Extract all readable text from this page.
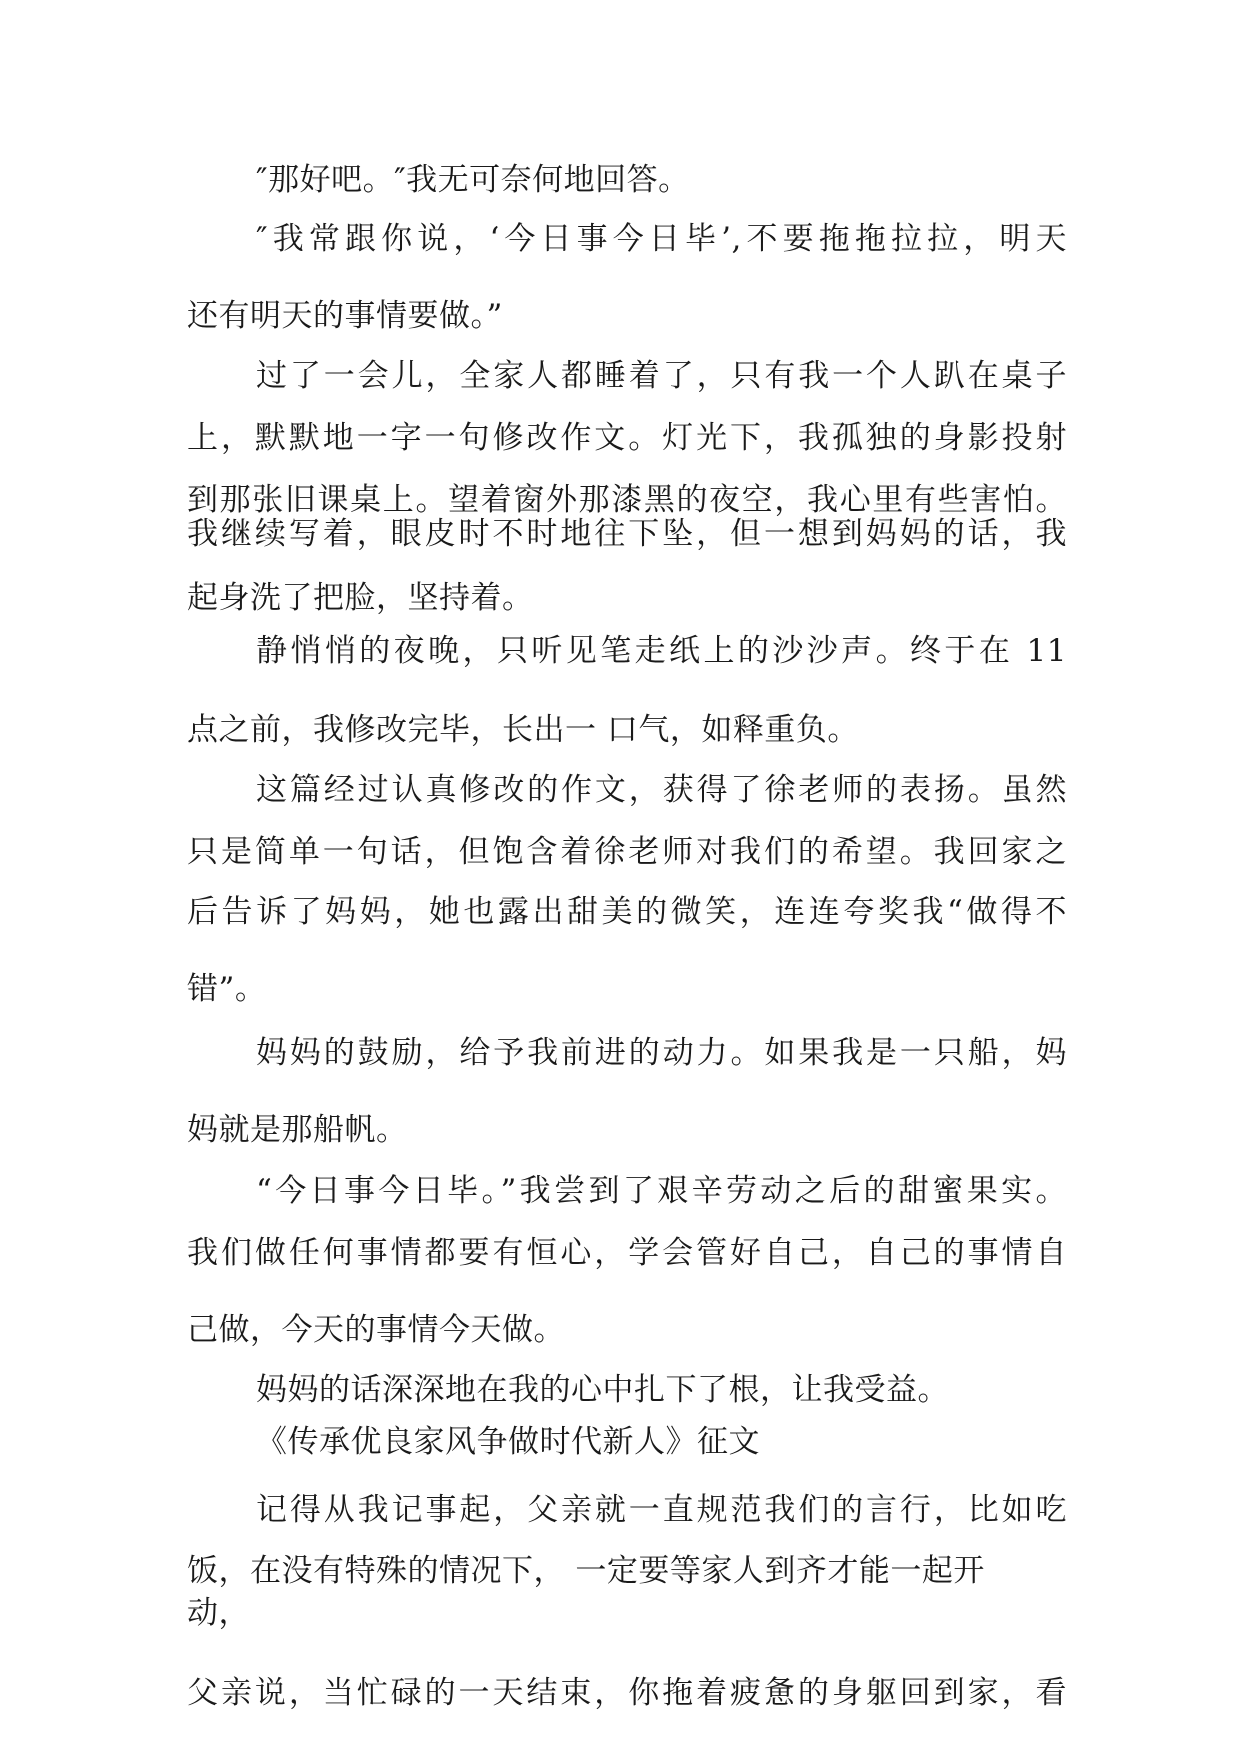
″那好吧。″我无可奈何地回答。
″我常跟你说，‘今日事今日毕’,不要拖拖拉拉，明天
还有明天的事情要做。”
过了一会儿，全家人都睡着了，只有我一个人趴在桌子
上，默默地一字一句修改作文。灯光下，我孤独的身影投射
到那张旧课桌上。望着窗外那漆黑的夜空，我心里有些害怕。
我继续写着，眼皮时不时地往下坠，但一想到妈妈的话，我
起身洗了把脸，坚持着。
静悄悄的夜晚，只听见笔走纸上的沙沙声。终于在 11
点之前，我修改完毕，长出一 口气，如释重负。
这篇经过认真修改的作文，获得了徐老师的表扬。虽然
只是简单一句话，但饱含着徐老师对我们的希望。我回家之
后告诉了妈妈，她也露出甜美的微笑，连连夸奖我“做得不
错”。
妈妈的鼓励，给予我前进的动力。如果我是一只船，妈
妈就是那船帆。
“今日事今日毕。”我尝到了艰辛劳动之后的甜蜜果实。
我们做任何事情都要有恒心，学会管好自己，自己的事情自
己做，今天的事情今天做。
妈妈的话深深地在我的心中扎下了根，让我受益。
《传承优良家风争做时代新人》征文
记得从我记事起，父亲就一直规范我们的言行，比如吃
饭，在没有特殊的情况下， 一定要等家人到齐才能一起开
动，
父亲说，当忙碌的一天结束，你拖着疲惫的身躯回到家，看
